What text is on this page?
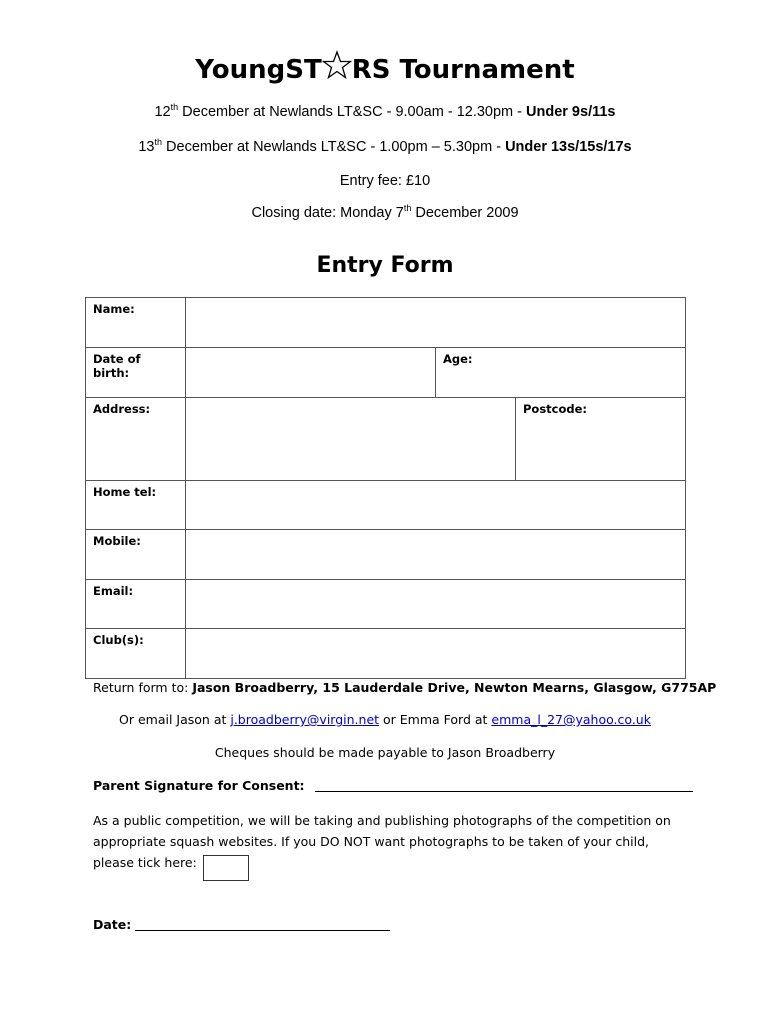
YoungST RS Tournament
12th December at Newlands LT&SC - 9.00am - 12.30pm - Under 9s/11s
13th December at Newlands LT&SC - 1.00pm – 5.30pm - Under 13s/15s/17s
Entry fee: £10
Closing date: Monday 7th December 2009
Entry Form
Name:			
Date of birth:		Age:	
Address:			Postcode:
Home tel:			
Mobile:			
Email:			
Club(s):			
Return form to: Jason Broadberry, 15 Lauderdale Drive, Newton Mearns, Glasgow, G775AP
Or email Jason at j.broadberry@virgin.net or Emma Ford at emma_l_27@yahoo.co.uk
Cheques should be made payable to Jason Broadberry
Parent Signature for Consent:
As a public competition, we will be taking and publishing photographs of the competition on
appropriate squash websites. If you DO NOT want photographs to be taken of your child,
please tick here:
Date:
